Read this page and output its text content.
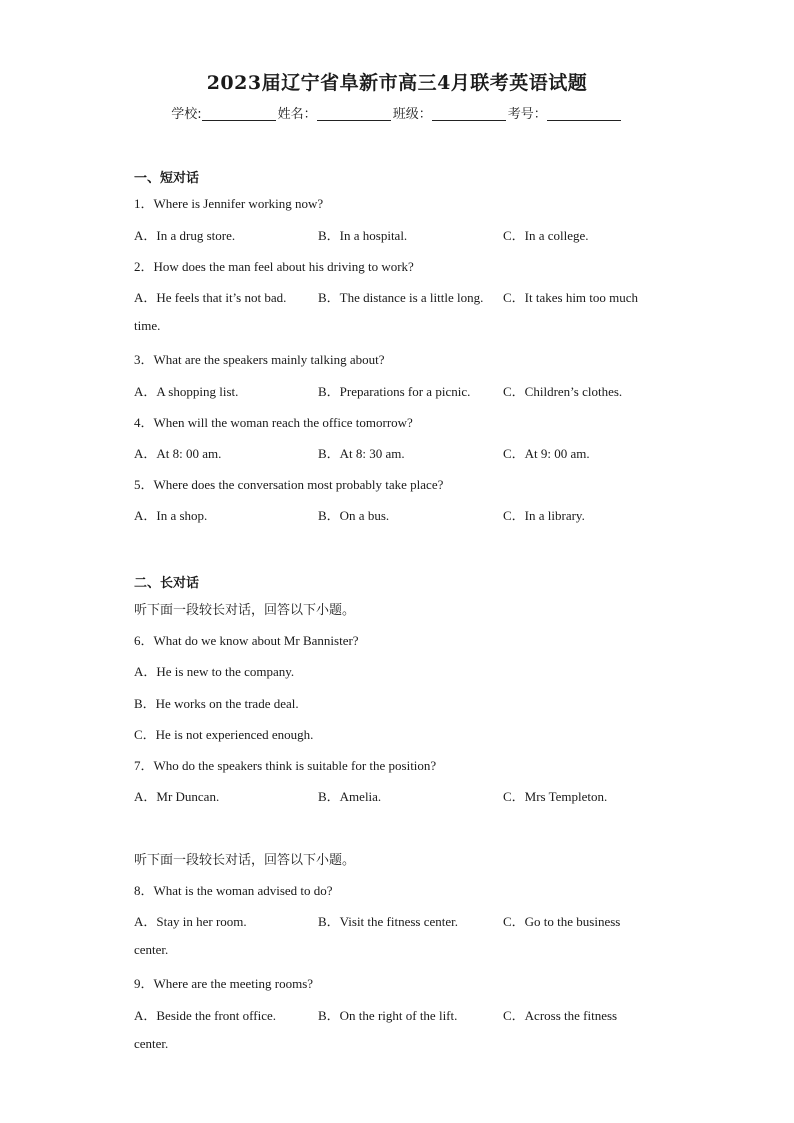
2023届辽宁省阜新市高三4月联考英语试题
学校:	姓名：	班级：	考号：
一、短对话
1．Where is Jennifer working now?
A．In a drug store.	B．In a hospital.	C．In a college.
2．How does the man feel about his driving to work?
A．He feels that it’s not bad. B．The distance is a little long. C．It takes him too much
time.
3．What are the speakers mainly talking about?
A．A shopping list.	B．Preparations for a picnic.	C．Children’s clothes.
4．When will the woman reach the office tomorrow?
A．At 8: 00 am.	B．At 8: 30 am.	C．At 9: 00 am.
5．Where does the conversation most probably take place?
A．In a shop.	B．On a bus.	C．In a library.
二、长对话
听下面一段较长对话，回答以下小题。
6．What do we know about Mr Bannister?
A．He is new to the company.
B．He works on the trade deal.
C．He is not experienced enough.
7．Who do the speakers think is suitable for the position?
A．Mr Duncan.	B．Amelia.	C．Mrs Templeton.
听下面一段较长对话，回答以下小题。
8．What is the woman advised to do?
A．Stay in her room.	B．Visit the fitness center.	C．Go to the business
center.
9．Where are the meeting rooms?
A．Beside the front office.	B．On the right of the lift.	C．Across the fitness
center.
